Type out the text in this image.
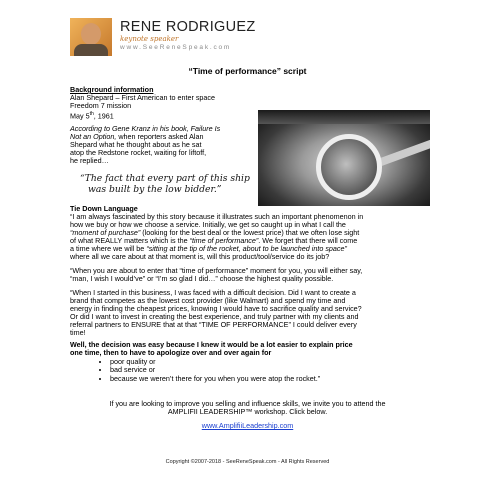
RENE RODRIGUEZ
keynote speaker
www.SeeReneSpeak.com
“Time of performance” script
Background information
Alan Shepard – First American to enter space
Freedom 7 mission
May 5th, 1961
According to Gene Kranz in his book, Failure Is
Not an Option, when reporters asked Alan
Shepard what he thought about as he sat
atop the Redstone rocket, waiting for liftoff,
he replied…
“The fact that every part of this ship
was built by the low bidder.”
Tie Down Language
“I am always fascinated by this story because it illustrates such an important phenomenon in
how we buy or how we choose a service. Initially, we get so caught up in what I call the
“moment of purchase” (looking for the best deal or the lowest price) that we often lose sight
of what REALLY matters which is the “time of performance”. We forget that there will come
a time where we will be “sitting at the tip of the rocket, about to be launched into space”
where all we care about at that moment is, will this product/tool/service do its job?
“When you are about to enter that “time of performance” moment for you, you will either say,
“man, I wish I would’ve” or “I’m so glad I did…” choose the highest quality possible.
“When I started in this business, I was faced with a difficult decision. Did I want to create a
brand that competes as the lowest cost provider (like Walmart) and spend my time and
energy in finding the cheapest prices, knowing I would have to sacrifice quality and service?
Or did I want to invest in creating the best experience, and truly partner with my clients and
referral partners to ENSURE that at that “TIME OF PERFORMANCE” I could deliver every
time!
Well, the decision was easy because I knew it would be a lot easier to explain price
one time, then to have to apologize over and over again for
• poor quality or
• bad service or
• because we weren’t there for you when you were atop the rocket.”
If you are looking to improve you selling and influence skills, we invite you to attend the
AMPLIFII LEADERSHIP™ workshop. Click below.
www.AmplifiiLeadership.com
Copyright ©2007-2018 - SeeReneSpeak.com - All Rights Reserved
